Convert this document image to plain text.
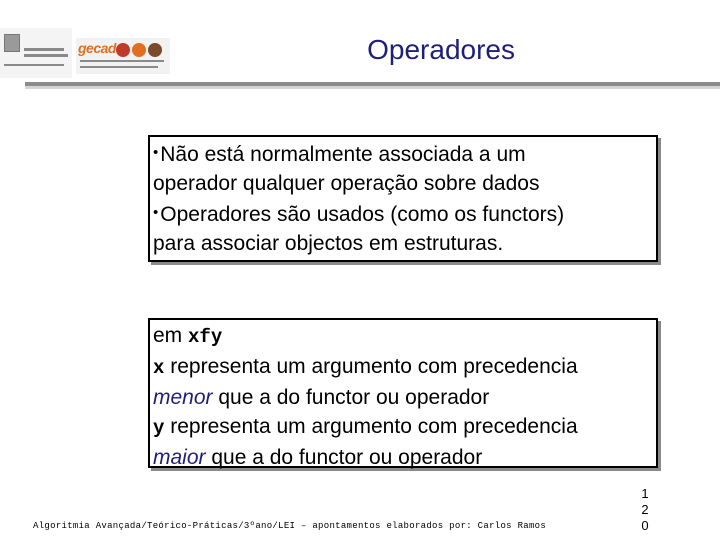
gecad	Operadores
•Não está normalmente associada a um
operador qualquer operação sobre dados
•Operadores são usados (como os functors)
para associar objectos em estruturas.
em xfy
x representa um argumento com precedencia
menor que a do functor ou operador
y representa um argumento com precedencia
maior que a do functor ou operador
Algoritmia Avançada/Teórico-Práticas/3ºano/LEI – apontamentos elaborados por: Carlos Ramos
1
2
0
